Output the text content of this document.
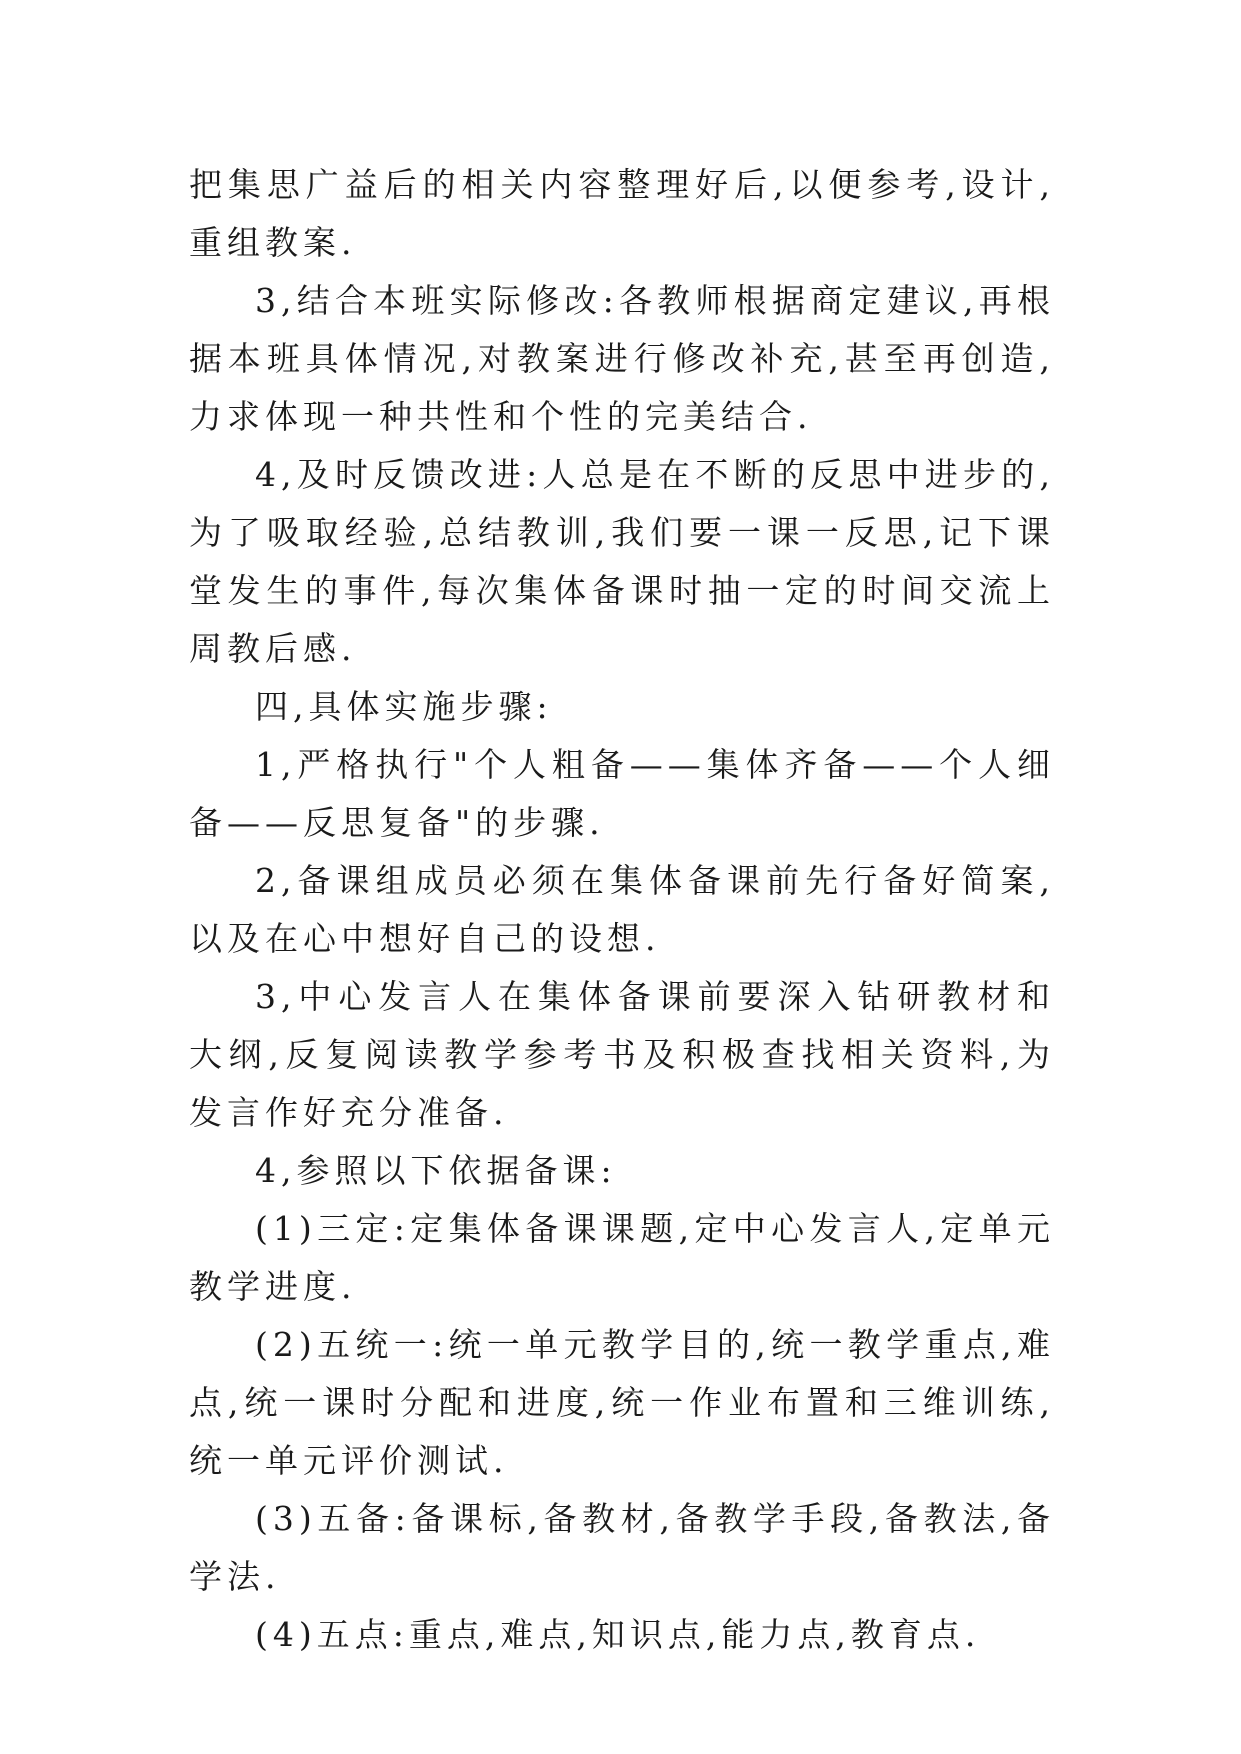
把集思广益后的相关内容整理好后,以便参考,设计,重组教案.

3,结合本班实际修改:各教师根据商定建议,再根据本班具体情况,对教案进行修改补充,甚至再创造,力求体现一种共性和个性的完美结合.

4,及时反馈改进:人总是在不断的反思中进步的,为了吸取经验,总结教训,我们要一课一反思,记下课堂发生的事件,每次集体备课时抽一定的时间交流上周教后感.

四,具体实施步骤:

1,严格执行"个人粗备——集体齐备——个人细备——反思复备"的步骤.

2,备课组成员必须在集体备课前先行备好简案,以及在心中想好自己的设想.

3,中心发言人在集体备课前要深入钻研教材和大纲,反复阅读教学参考书及积极查找相关资料,为发言作好充分准备.

4,参照以下依据备课:

(1)三定:定集体备课课题,定中心发言人,定单元教学进度.

(2)五统一:统一单元教学目的,统一教学重点,难点,统一课时分配和进度,统一作业布置和三维训练,统一单元评价测试.

(3)五备:备课标,备教材,备教学手段,备教法,备学法.

(4)五点:重点,难点,知识点,能力点,教育点.
